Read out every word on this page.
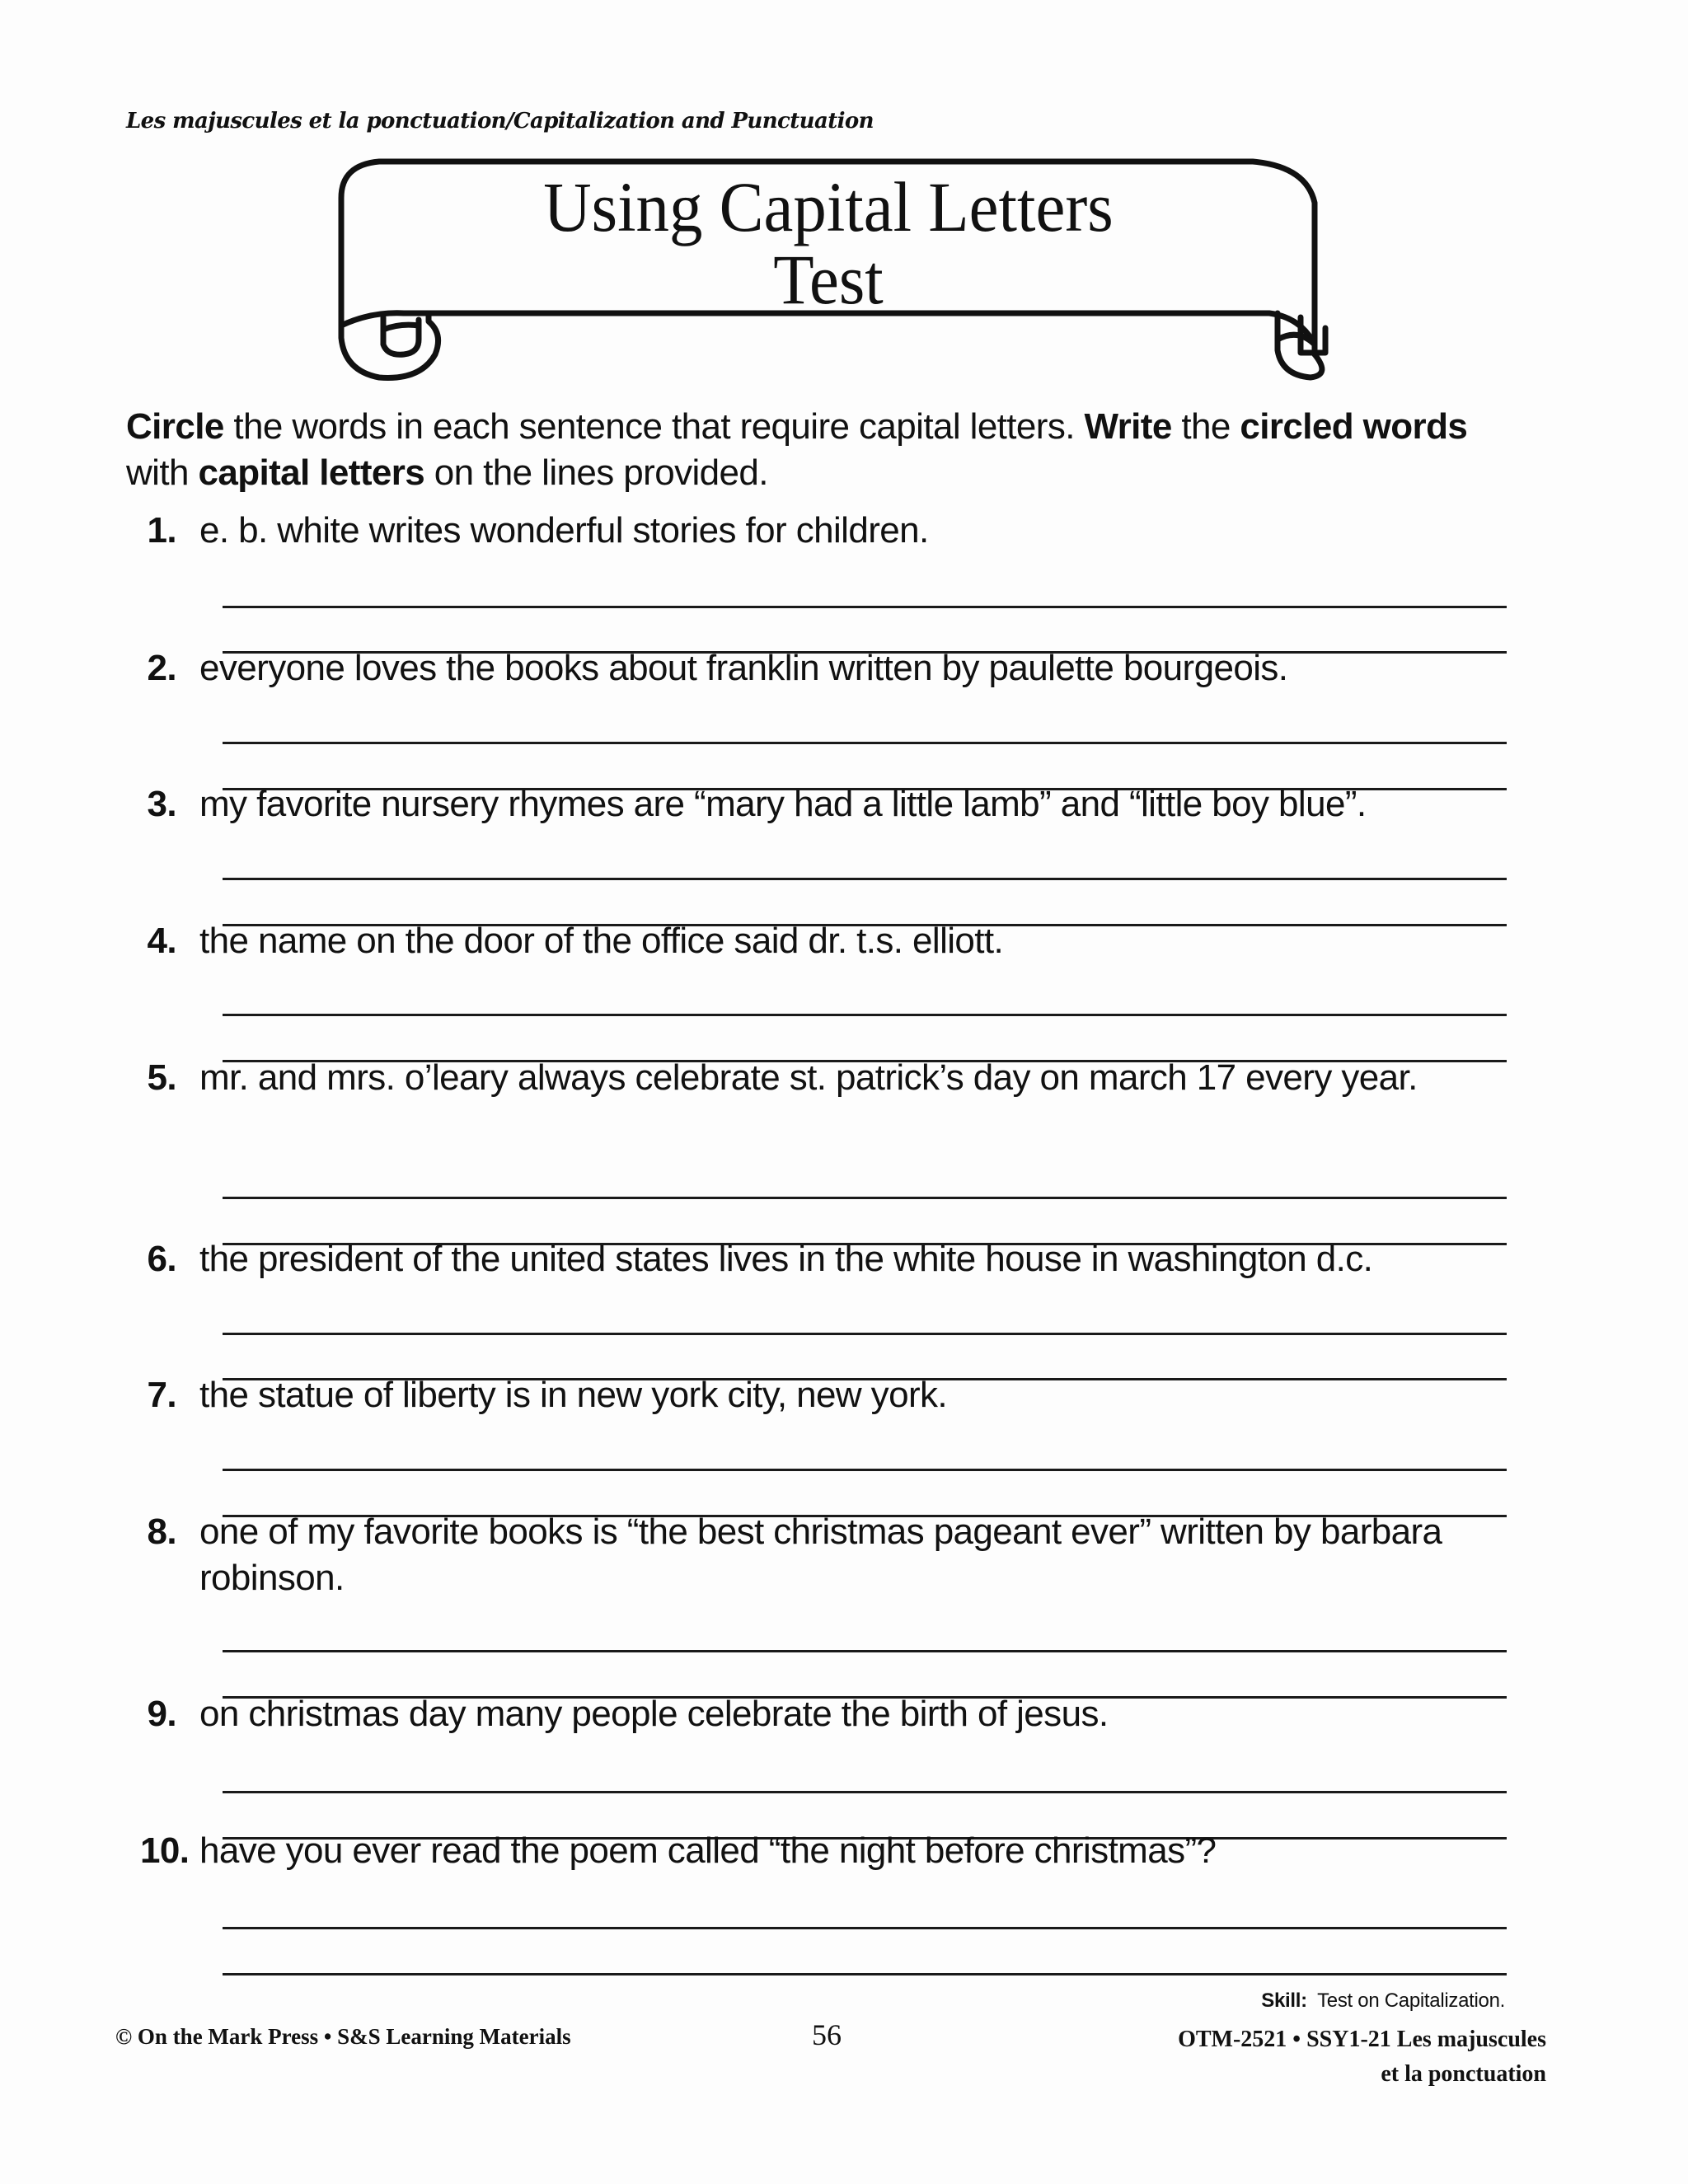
Les majuscules et la ponctuation/Capitalization and Punctuation
Using Capital Letters
Test
Circle the words in each sentence that require capital letters. Write the circled words with capital letters on the lines provided.
1. e. b. white writes wonderful stories for children.
2. everyone loves the books about franklin written by paulette bourgeois.
3. my favorite nursery rhymes are “mary had a little lamb” and “little boy blue”.
4. the name on the door of the office said dr. t.s. elliott.
5. mr. and mrs. o’leary always celebrate st. patrick’s day on march 17 every year.
6. the president of the united states lives in the white house in washington d.c.
7. the statue of liberty is in new york city, new york.
8. one of my favorite books is “the best christmas pageant ever” written by barbara robinson.
9. on christmas day many people celebrate the birth of jesus.
10. have you ever read the poem called “the night before christmas”?
Skill:  Test on Capitalization.
© On the Mark Press • S&S Learning Materials	56	OTM-2521 • SSY1-21 Les majuscules
et la ponctuation
